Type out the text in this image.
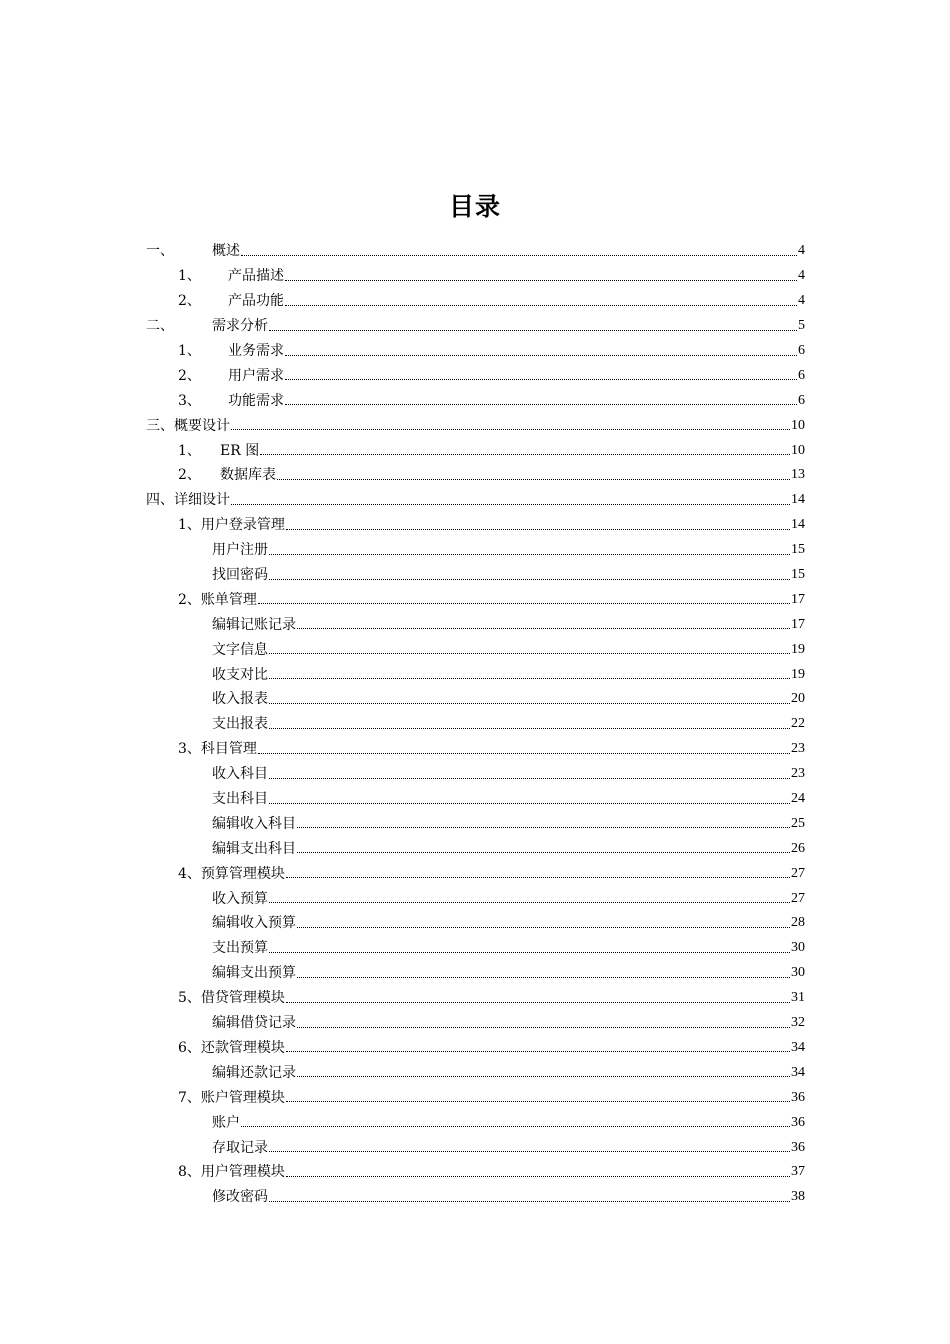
目录
一、	概述	4
1、	产品描述	4
2、	产品功能	4
二、	需求分析	5
1、	业务需求	6
2、	用户需求	6
3、	功能需求	6
三、概要设计	10
1、	ER 图	10
2、	数据库表	13
四、详细设计	14
1、用户登录管理	14
用户注册	15
找回密码	15
2、账单管理	17
编辑记账记录	17
文字信息	19
收支对比	19
收入报表	20
支出报表	22
3、科目管理	23
收入科目	23
支出科目	24
编辑收入科目	25
编辑支出科目	26
4、预算管理模块	27
收入预算	27
编辑收入预算	28
支出预算	30
编辑支出预算	30
5、借贷管理模块	31
编辑借贷记录	32
6、还款管理模块	34
编辑还款记录	34
7、账户管理模块	36
账户	36
存取记录	36
8、用户管理模块	37
修改密码	38
